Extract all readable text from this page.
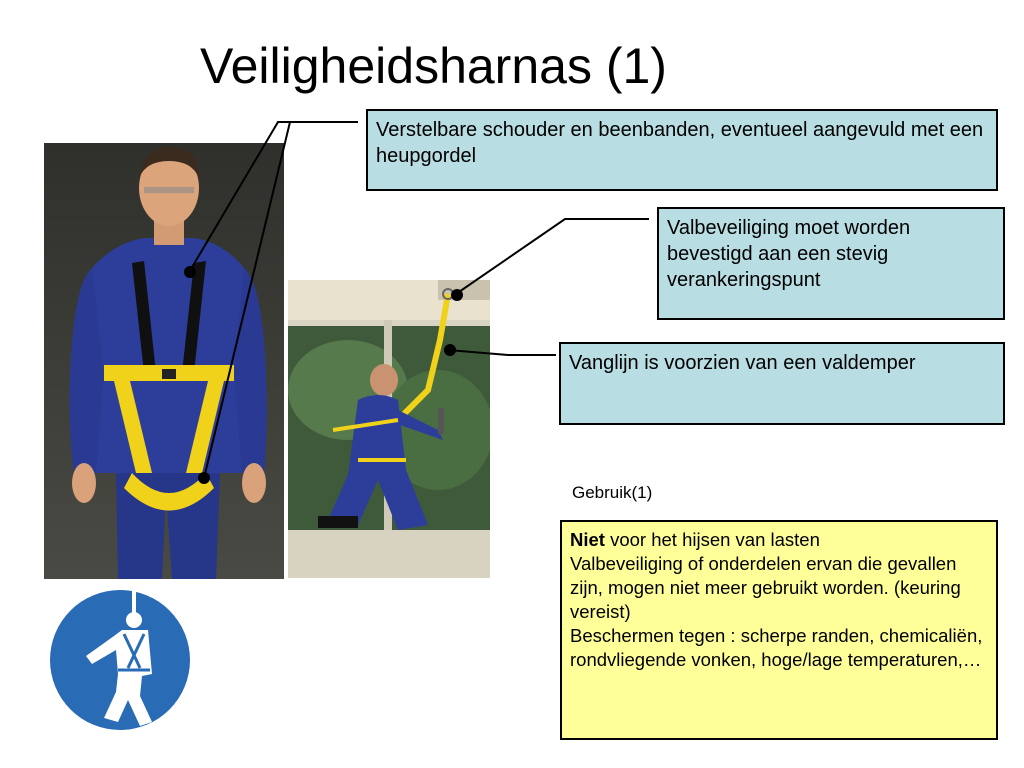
Veiligheidsharnas (1)
Verstelbare schouder en beenbanden, eventueel aangevuld met een heupgordel
Valbeveiliging moet worden bevestigd aan een stevig verankeringspunt
Vanglijn is voorzien van een valdemper
Gebruik(1)
Niet voor het hijsen van lasten
Valbeveiliging of onderdelen ervan die gevallen zijn, mogen niet meer gebruikt worden. (keuring vereist)
Beschermen tegen : scherpe randen, chemicaliën, rondvliegende vonken, hoge/lage temperaturen,…
